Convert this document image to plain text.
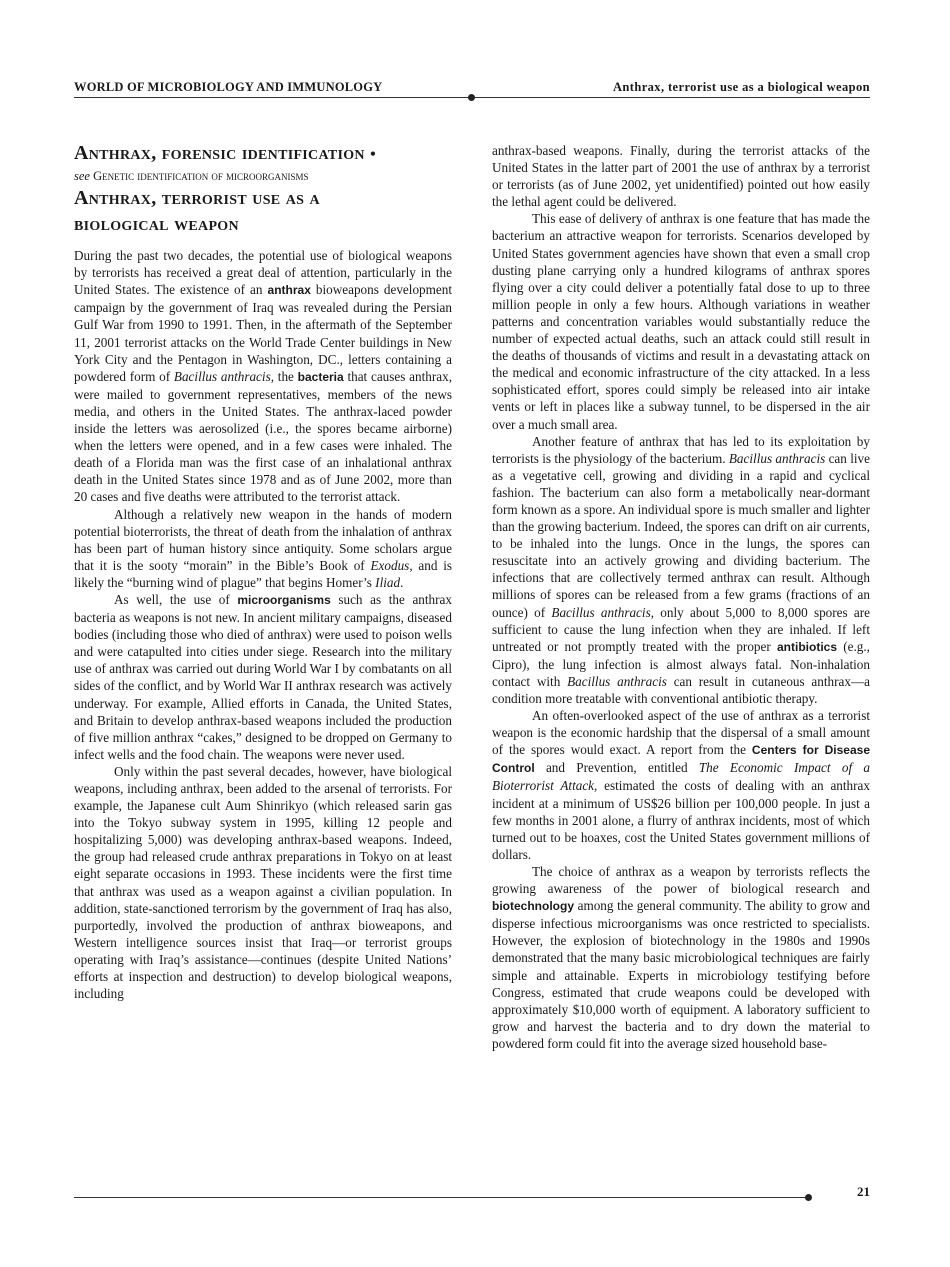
WORLD OF MICROBIOLOGY AND IMMUNOLOGY	Anthrax, terrorist use as a biological weapon
Anthrax, forensic identification •

see Genetic identification of microorganisms

Anthrax, terrorist use as a
biological weapon

During the past two decades, the potential use of biological weapons by terrorists has received a great deal of attention, particularly in the United States. The existence of an anthrax bioweapons development campaign by the government of Iraq was revealed during the Persian Gulf War from 1990 to 1991. Then, in the aftermath of the September 11, 2001 terrorist attacks on the World Trade Center buildings in New York City and the Pentagon in Washington, DC., letters containing a powdered form of Bacillus anthracis, the bacteria that causes anthrax, were mailed to government representatives, members of the news media, and others in the United States. The anthrax-laced powder inside the letters was aerosolized (i.e., the spores became airborne) when the letters were opened, and in a few cases were inhaled. The death of a Florida man was the first case of an inhalational anthrax death in the United States since 1978 and as of June 2002, more than 20 cases and five deaths were attributed to the terrorist attack.

Although a relatively new weapon in the hands of modern potential bioterrorists, the threat of death from the inhalation of anthrax has been part of human history since antiquity. Some scholars argue that it is the sooty “morain” in the Bible’s Book of Exodus, and is likely the “burning wind of plague” that begins Homer’s Iliad.

As well, the use of microorganisms such as the anthrax bacteria as weapons is not new. In ancient military campaigns, diseased bodies (including those who died of anthrax) were used to poison wells and were catapulted into cities under siege. Research into the military use of anthrax was carried out during World War I by combatants on all sides of the conflict, and by World War II anthrax research was actively underway. For example, Allied efforts in Canada, the United States, and Britain to develop anthrax-based weapons included the production of five million anthrax “cakes,” designed to be dropped on Germany to infect wells and the food chain. The weapons were never used.

Only within the past several decades, however, have biological weapons, including anthrax, been added to the arsenal of terrorists. For example, the Japanese cult Aum Shinrikyo (which released sarin gas into the Tokyo subway system in 1995, killing 12 people and hospitalizing 5,000) was developing anthrax-based weapons. Indeed, the group had released crude anthrax preparations in Tokyo on at least eight separate occasions in 1993. These incidents were the first time that anthrax was used as a weapon against a civilian population. In addition, state-sanctioned terrorism by the government of Iraq has also, purportedly, involved the production of anthrax bioweapons, and Western intelligence sources insist that Iraq—or terrorist groups operating with Iraq’s assistance—continues (despite United Nations’ efforts at inspection and destruction) to develop biological weapons, including

anthrax-based weapons. Finally, during the terrorist attacks of the United States in the latter part of 2001 the use of anthrax by a terrorist or terrorists (as of June 2002, yet unidentified) pointed out how easily the lethal agent could be delivered.

This ease of delivery of anthrax is one feature that has made the bacterium an attractive weapon for terrorists. Scenarios developed by United States government agencies have shown that even a small crop dusting plane carrying only a hundred kilograms of anthrax spores flying over a city could deliver a potentially fatal dose to up to three million people in only a few hours. Although variations in weather patterns and concentration variables would substantially reduce the number of expected actual deaths, such an attack could still result in the deaths of thousands of victims and result in a devastating attack on the medical and economic infrastructure of the city attacked. In a less sophisticated effort, spores could simply be released into air intake vents or left in places like a subway tunnel, to be dispersed in the air over a much small area.

Another feature of anthrax that has led to its exploitation by terrorists is the physiology of the bacterium. Bacillus anthracis can live as a vegetative cell, growing and dividing in a rapid and cyclical fashion. The bacterium can also form a metabolically near-dormant form known as a spore. An individual spore is much smaller and lighter than the growing bacterium. Indeed, the spores can drift on air currents, to be inhaled into the lungs. Once in the lungs, the spores can resuscitate into an actively growing and dividing bacterium. The infections that are collectively termed anthrax can result. Although millions of spores can be released from a few grams (fractions of an ounce) of Bacillus anthracis, only about 5,000 to 8,000 spores are sufficient to cause the lung infection when they are inhaled. If left untreated or not promptly treated with the proper antibiotics (e.g., Cipro), the lung infection is almost always fatal. Non-inhalation contact with Bacillus anthracis can result in cutaneous anthrax—a condition more treatable with conventional antibiotic therapy.

An often-overlooked aspect of the use of anthrax as a terrorist weapon is the economic hardship that the dispersal of a small amount of the spores would exact. A report from the Centers for Disease Control and Prevention, entitled The Economic Impact of a Bioterrorist Attack, estimated the costs of dealing with an anthrax incident at a minimum of US$26 billion per 100,000 people. In just a few months in 2001 alone, a flurry of anthrax incidents, most of which turned out to be hoaxes, cost the United States government millions of dollars.

The choice of anthrax as a weapon by terrorists reflects the growing awareness of the power of biological research and biotechnology among the general community. The ability to grow and disperse infectious microorganisms was once restricted to specialists. However, the explosion of biotechnology in the 1980s and 1990s demonstrated that the many basic microbiological techniques are fairly simple and attainable. Experts in microbiology testifying before Congress, estimated that crude weapons could be developed with approximately $10,000 worth of equipment. A laboratory sufficient to grow and harvest the bacteria and to dry down the material to powdered form could fit into the average sized household base-

21
